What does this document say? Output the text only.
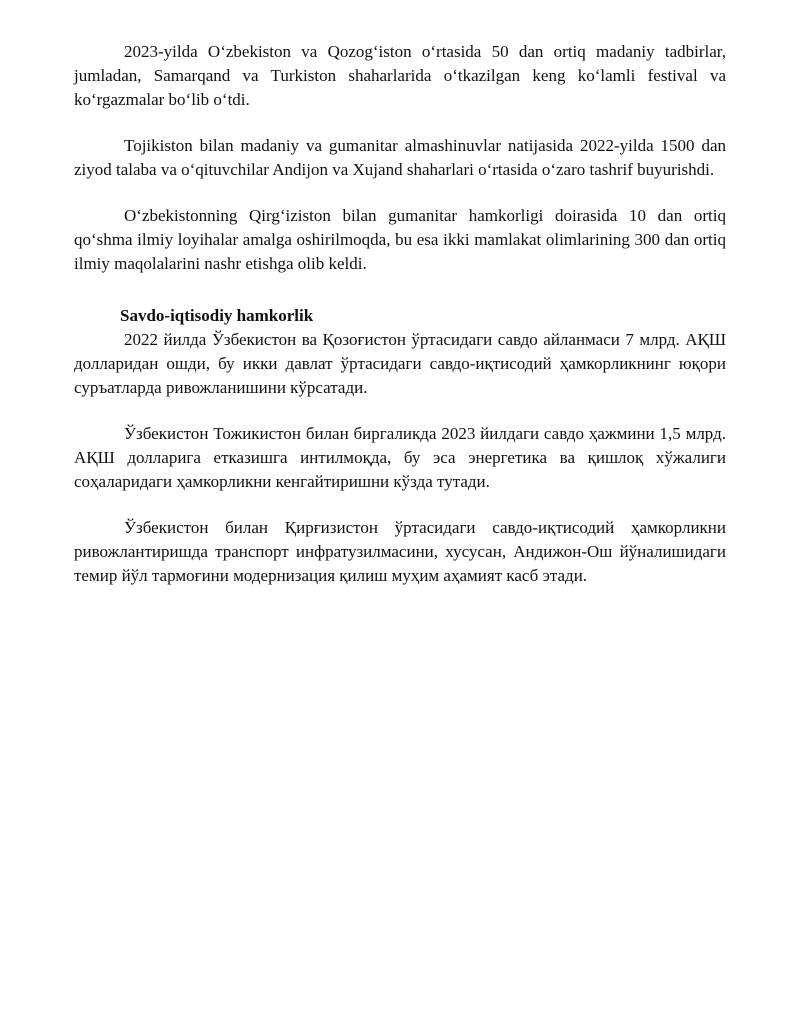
2023-yilda Oʻzbekiston va Qozogʻiston oʻrtasida 50 dan ortiq madaniy tadbirlar, jumladan, Samarqand va Turkiston shaharlarida oʻtkazilgan keng koʻlamli festival va koʻrgazmalar boʻlib oʻtdi.

Tojikiston bilan madaniy va gumanitar almashinuvlar natijasida 2022-yilda 1500 dan ziyod talaba va oʻqituvchilar Andijon va Xujand shaharlari oʻrtasida oʻzaro tashrif buyurishdi.

Oʻzbekistonning Qirgʻiziston bilan gumanitar hamkorligi doirasida 10 dan ortiq qoʻshma ilmiy loyihalar amalga oshirilmoqda, bu esa ikki mamlakat olimlarining 300 dan ortiq ilmiy maqolalarini nashr etishga olib keldi.

Savdo-iqtisodiy hamkorlik

2022 йилда Ўзбекистон ва Қозоғистон ўртасидаги савдо айланмаси 7 млрд. АҚШ долларидан ошди, бу икки давлат ўртасидаги савдо-иқтисодий ҳамкорликнинг юқори суръатларда ривожланишини кўрсатади.

Ўзбекистон Тожикистон билан биргаликда 2023 йилдаги савдо ҳажмини 1,5 млрд. АҚШ долларига етказишга интилмоқда, бу эса энергетика ва қишлоқ хўжалиги соҳаларидаги ҳамкорликни кенгайтиришни кўзда тутади.

Ўзбекистон билан Қирғизистон ўртасидаги савдо-иқтисодий ҳамкорликни ривожлантиришда транспорт инфратузилмасини, хусусан, Андижон-Ош йўналишидаги темир йўл тармоғини модернизация қилиш муҳим аҳамият касб этади.
